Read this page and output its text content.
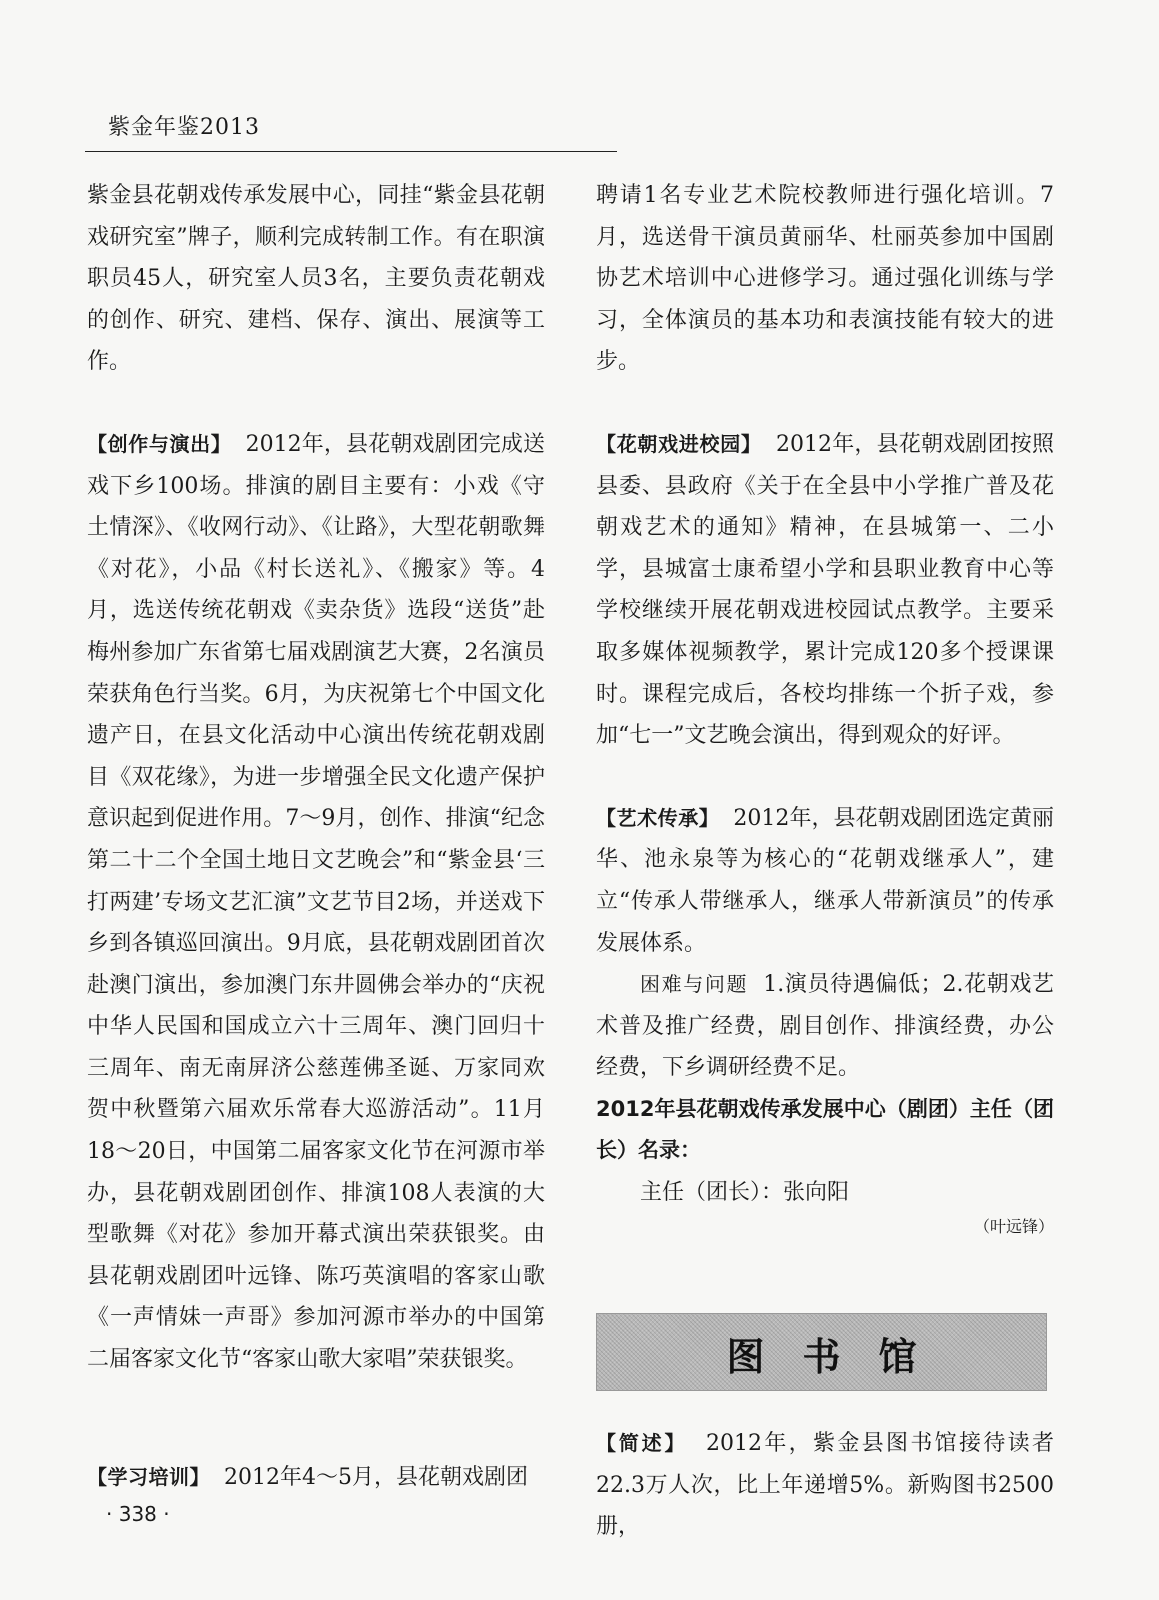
紫金年鉴2013

紫金县花朝戏传承发展中心，同挂“紫金县花朝戏研究室”牌子，顺利完成转制工作。有在职演职员45人，研究室人员3名，主要负责花朝戏的创作、研究、建档、保存、演出、展演等工作。

【创作与演出】 2012年，县花朝戏剧团完成送戏下乡100场。排演的剧目主要有：小戏《守土情深》、《收网行动》、《让路》，大型花朝歌舞《对花》，小品《村长送礼》、《搬家》等。4月，选送传统花朝戏《卖杂货》选段“送货”赴梅州参加广东省第七届戏剧演艺大赛，2名演员荣获角色行当奖。6月，为庆祝第七个中国文化遗产日，在县文化活动中心演出传统花朝戏剧目《双花缘》，为进一步增强全民文化遗产保护意识起到促进作用。7～9月，创作、排演“纪念第二十二个全国土地日文艺晚会”和“紫金县‘三打两建’专场文艺汇演”文艺节目2场，并送戏下乡到各镇巡回演出。9月底，县花朝戏剧团首次赴澳门演出，参加澳门东井圆佛会举办的“庆祝中华人民国和国成立六十三周年、澳门回归十三周年、南无南屏济公慈莲佛圣诞、万家同欢贺中秋暨第六届欢乐常春大巡游活动”。11月18～20日，中国第二届客家文化节在河源市举办，县花朝戏剧团创作、排演108人表演的大型歌舞《对花》参加开幕式演出荣获银奖。由县花朝戏剧团叶远锋、陈巧英演唱的客家山歌《一声情妹一声哥》参加河源市举办的中国第二届客家文化节“客家山歌大家唱”荣获银奖。

【学习培训】 2012年4～5月，县花朝戏剧团

聘请1名专业艺术院校教师进行强化培训。7月，选送骨干演员黄丽华、杜丽英参加中国剧协艺术培训中心进修学习。通过强化训练与学习，全体演员的基本功和表演技能有较大的进步。

【花朝戏进校园】 2012年，县花朝戏剧团按照县委、县政府《关于在全县中小学推广普及花朝戏艺术的通知》精神，在县城第一、二小学，县城富士康希望小学和县职业教育中心等学校继续开展花朝戏进校园试点教学。主要采取多媒体视频教学，累计完成120多个授课课时。课程完成后，各校均排练一个折子戏，参加“七一”文艺晚会演出，得到观众的好评。

【艺术传承】 2012年，县花朝戏剧团选定黄丽华、池永泉等为核心的“花朝戏继承人”，建立“传承人带继承人，继承人带新演员”的传承发展体系。

困难与问题 1.演员待遇偏低；2.花朝戏艺术普及推广经费，剧目创作、排演经费，办公经费，下乡调研经费不足。

2012年县花朝戏传承发展中心（剧团）主任（团长）名录：

主任（团长）：张向阳

（叶远锋）

图书馆
【简述】 2012年，紫金县图书馆接待读者22.3万人次，比上年递增5%。新购图书2500册，
· 338 ·
